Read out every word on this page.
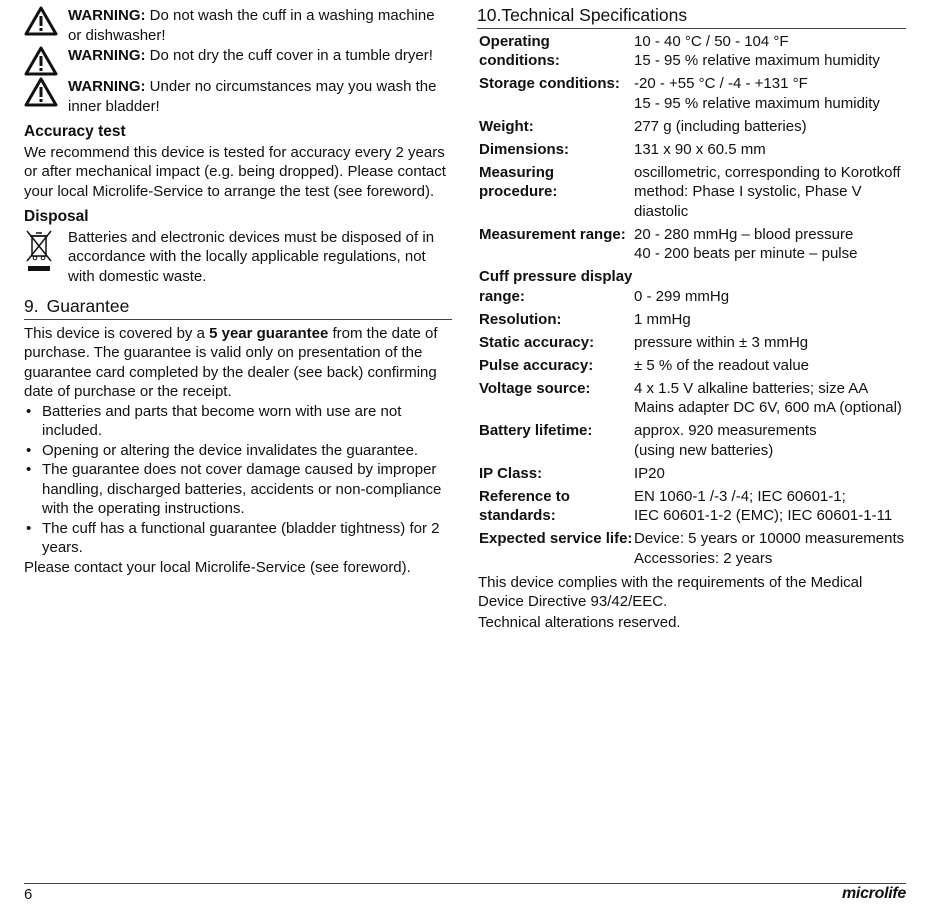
WARNING: Do not wash the cuff in a washing machine or dishwasher!
WARNING: Do not dry the cuff cover in a tumble dryer!
WARNING: Under no circumstances may you wash the inner bladder!
Accuracy test

We recommend this device is tested for accuracy every 2 years or after mechanical impact (e.g. being dropped). Please contact your local Microlife-Service to arrange the test (see foreword).

Disposal

Batteries and electronic devices must be disposed of in accordance with the locally applicable regulations, not with domestic waste.

9. Guarantee

This device is covered by a 5 year guarantee from the date of purchase. The guarantee is valid only on presentation of the guarantee card completed by the dealer (see back) confirming date of purchase or the receipt.

• Batteries and parts that become worn with use are not included.
• Opening or altering the device invalidates the guarantee.
• The guarantee does not cover damage caused by improper handling, discharged batteries, accidents or non-compliance with the operating instructions.
• The cuff has a functional guarantee (bladder tightness) for 2 years.

Please contact your local Microlife-Service (see foreword).

10.Technical Specifications
Operating conditions:	10 - 40 °C / 50 - 104 °F
15 - 95 % relative maximum humidity

Storage conditions:	-20 - +55 °C / -4 - +131 °F
15 - 95 % relative maximum humidity

Weight:	277 g (including batteries)

Dimensions:	131 x 90 x 60.5 mm

Measuring procedure:	oscillometric, corresponding to Korotkoff
method: Phase I systolic, Phase V diastolic

Measurement range:	20 - 280 mmHg – blood pressure
40 - 200 beats per minute – pulse

Cuff pressure display range:	0 - 299 mmHg

Resolution:	1 mmHg

Static accuracy:	pressure within ± 3 mmHg

Pulse accuracy:	± 5 % of the readout value

Voltage source:	4 x 1.5 V alkaline batteries; size AA
Mains adapter DC 6V, 600 mA (optional)

Battery lifetime:	approx. 920 measurements
(using new batteries)

IP Class:	IP20

Reference to standards:	EN 1060-1 /-3 /-4; IEC 60601-1;
IEC 60601-1-2 (EMC); IEC 60601-1-11

Expected service life:	Device: 5 years or 10000 measurements
Accessories: 2 years

This device complies with the requirements of the Medical Device Directive 93/42/EEC.

Technical alterations reserved.

6	microlife
